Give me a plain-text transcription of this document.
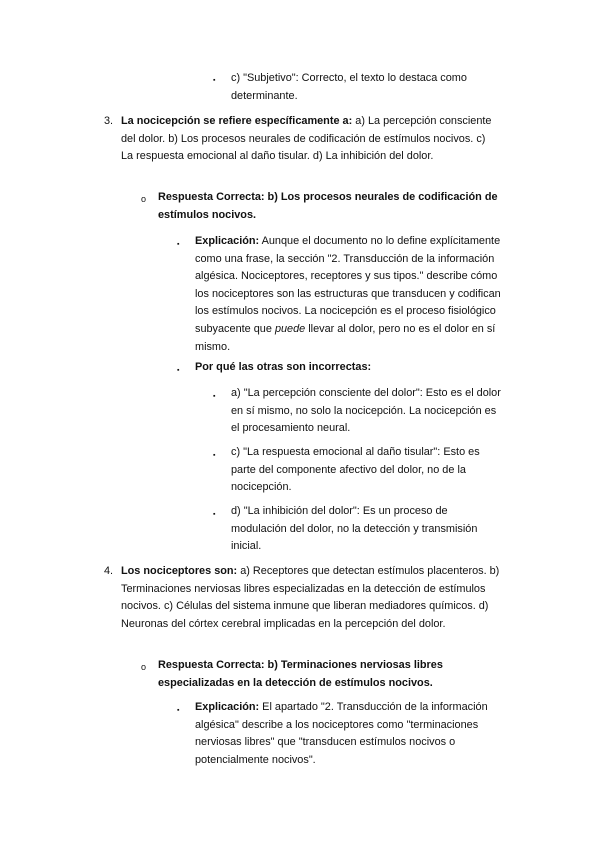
▪ c) "Subjetivo": Correcto, el texto lo destaca como determinante.

3. La nocicepción se refiere específicamente a: a) La percepción consciente del dolor. b) Los procesos neurales de codificación de estímulos nocivos. c) La respuesta emocional al daño tisular. d) La inhibición del dolor.

o Respuesta Correcta: b) Los procesos neurales de codificación de estímulos nocivos.

▪ Explicación: Aunque el documento no lo define explícitamente como una frase, la sección "2. Transducción de la información algésica. Nociceptores, receptores y sus tipos." describe cómo los nociceptores son las estructuras que transducen y codifican los estímulos nocivos. La nocicepción es el proceso fisiológico subyacente que puede llevar al dolor, pero no es el dolor en sí mismo.

▪ Por qué las otras son incorrectas:

▪ a) "La percepción consciente del dolor": Esto es el dolor en sí mismo, no solo la nocicepción. La nocicepción es el procesamiento neural.

▪ c) "La respuesta emocional al daño tisular": Esto es parte del componente afectivo del dolor, no de la nocicepción.

▪ d) "La inhibición del dolor": Es un proceso de modulación del dolor, no la detección y transmisión inicial.

4. Los nociceptores son: a) Receptores que detectan estímulos placenteros. b) Terminaciones nerviosas libres especializadas en la detección de estímulos nocivos. c) Células del sistema inmune que liberan mediadores químicos. d) Neuronas del córtex cerebral implicadas en la percepción del dolor.

o Respuesta Correcta: b) Terminaciones nerviosas libres especializadas en la detección de estímulos nocivos.

▪ Explicación: El apartado "2. Transducción de la información algésica" describe a los nociceptores como "terminaciones nerviosas libres" que "transducen estímulos nocivos o potencialmente nocivos".
